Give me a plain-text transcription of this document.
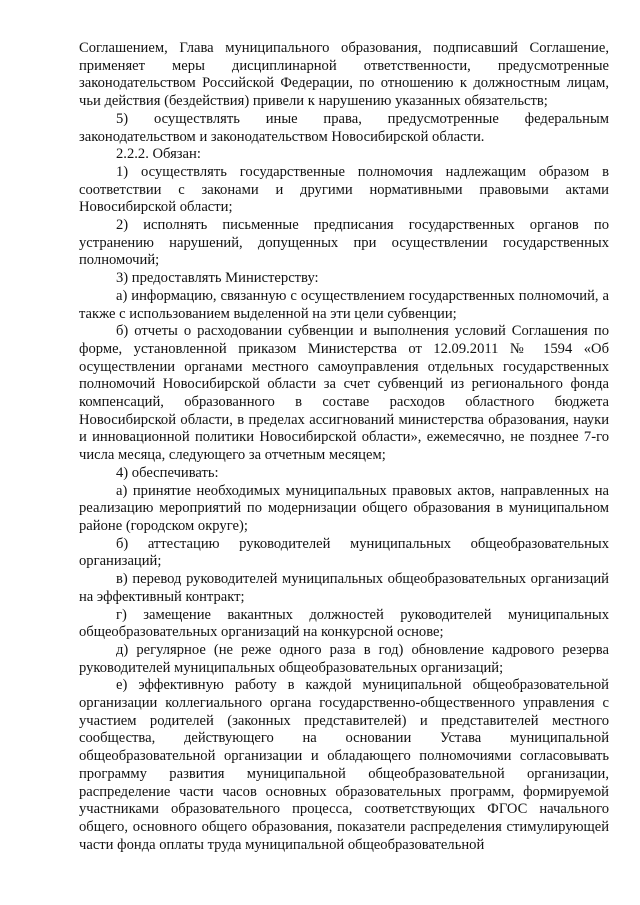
Соглашением, Глава муниципального образования, подписавший Соглашение, применяет меры дисциплинарной ответственности, предусмотренные законодательством Российской Федерации, по отношению к должностным лицам, чьи действия (бездействия) привели к нарушению указанных обязательств;

5) осуществлять иные права, предусмотренные федеральным законодательством и законодательством Новосибирской области.

2.2.2. Обязан:

1) осуществлять государственные полномочия надлежащим образом в соответствии с законами и другими нормативными правовыми актами Новосибирской области;

2) исполнять письменные предписания государственных органов по устранению нарушений, допущенных при осуществлении государственных полномочий;

3) предоставлять Министерству:

а) информацию, связанную с осуществлением государственных полномочий, а также с использованием выделенной на эти цели субвенции;

б) отчеты о расходовании субвенции и выполнения условий Соглашения по форме, установленной приказом Министерства от 12.09.2011 № 1594 «Об осуществлении органами местного самоуправления отдельных государственных полномочий Новосибирской области за счет субвенций из регионального фонда компенсаций, образованного в составе расходов областного бюджета Новосибирской области, в пределах ассигнований министерства образования, науки и инновационной политики Новосибирской области», ежемесячно, не позднее 7-го числа месяца, следующего за отчетным месяцем;

4) обеспечивать:

а) принятие необходимых муниципальных правовых актов, направленных на реализацию мероприятий по модернизации общего образования в муниципальном районе (городском округе);

б) аттестацию руководителей муниципальных общеобразовательных организаций;

в) перевод руководителей муниципальных общеобразовательных организаций на эффективный контракт;

г) замещение вакантных должностей руководителей муниципальных общеобразовательных организаций на конкурсной основе;

д) регулярное (не реже одного раза в год) обновление кадрового резерва руководителей муниципальных общеобразовательных организаций;

е) эффективную работу в каждой муниципальной общеобразовательной организации коллегиального органа государственно-общественного управления с участием родителей (законных представителей) и представителей местного сообщества, действующего на основании Устава муниципальной общеобразовательной организации и обладающего полномочиями согласовывать программу развития муниципальной общеобразовательной организации, распределение части часов основных образовательных программ, формируемой участниками образовательного процесса, соответствующих ФГОС начального общего, основного общего образования, показатели распределения стимулирующей части фонда оплаты труда муниципальной общеобразовательной
